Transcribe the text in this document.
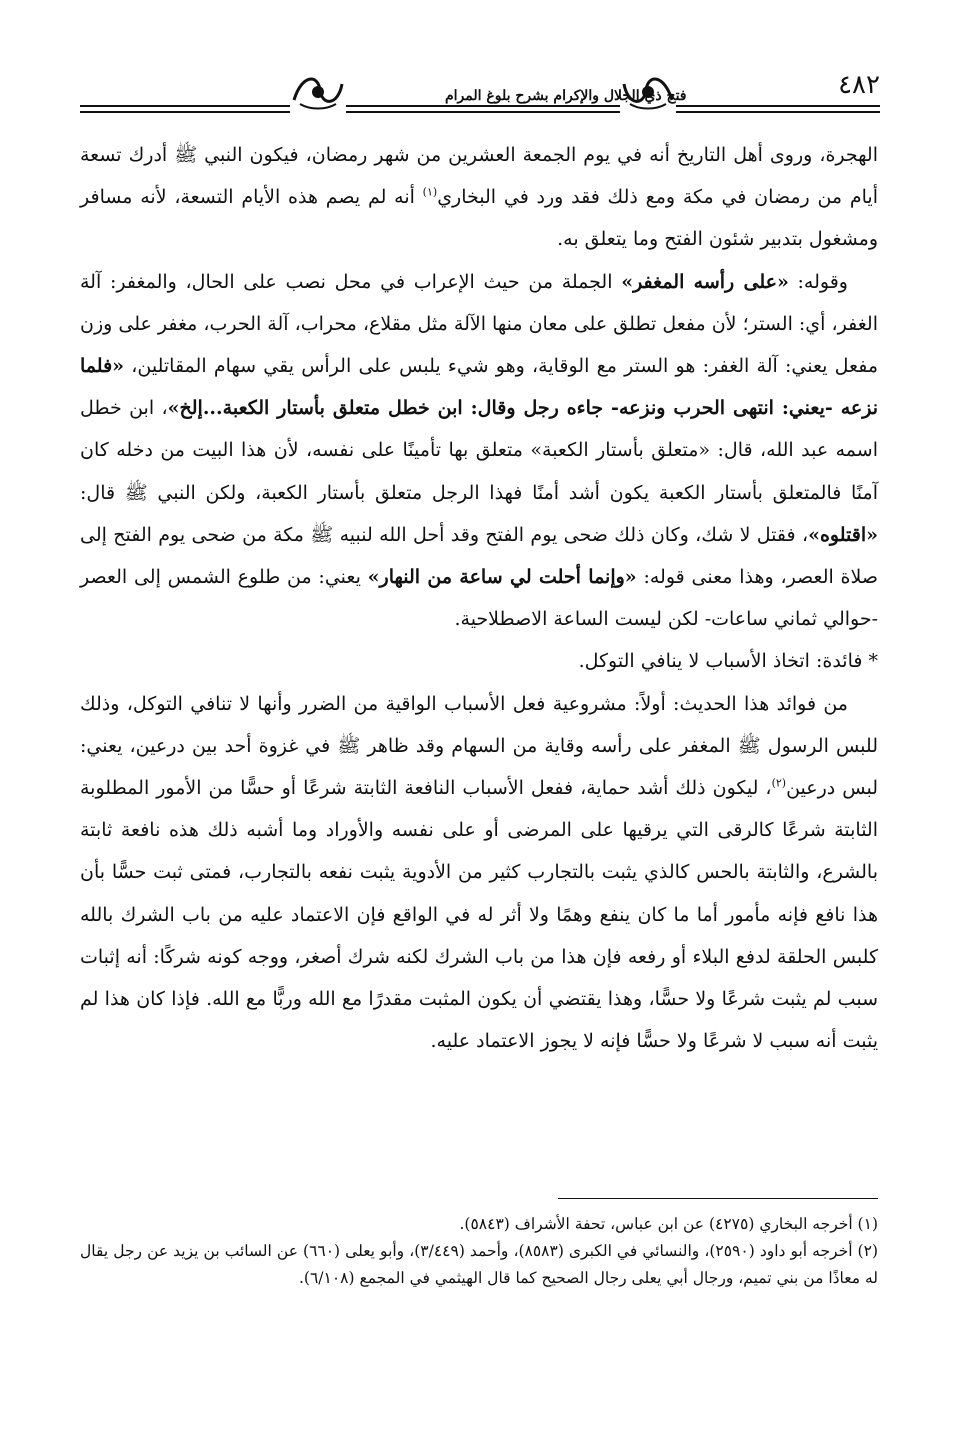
فتح ذي الجلال والإكرام بشرح بلوغ المرام	٤٨٢

الهجرة، وروى أهل التاريخ أنه في يوم الجمعة العشرين من شهر رمضان، فيكون النبي ﷺ أدرك تسعة أيام من رمضان في مكة ومع ذلك فقد ورد في البخاري$^{(١)}$ أنه لم يصم هذه الأيام التسعة، لأنه مسافر ومشغول بتدبير شئون الفتح وما يتعلق به.

وقوله: «على رأسه المغفر» الجملة من حيث الإعراب في محل نصب على الحال، والمغفر: آلة الغفر، أي: الستر؛ لأن مفعل تطلق على معان منها الآلة مثل مقلاع، محراب، آلة الحرب، مغفر على وزن مفعل يعني: آلة الغفر: هو الستر مع الوقاية، وهو شيء يلبس على الرأس يقي سهام المقاتلين، «فلما نزعه -يعني: انتهى الحرب ونزعه- جاءه رجل وقال: ابن خطل متعلق بأستار الكعبة...إلخ»، ابن خطل اسمه عبد الله، قال: «متعلق بأستار الكعبة» متعلق بها تأمينًا على نفسه، لأن هذا البيت من دخله كان آمنًا فالمتعلق بأستار الكعبة يكون أشد أمنًا فهذا الرجل متعلق بأستار الكعبة، ولكن النبي ﷺ قال: «اقتلوه»، فقتل لا شك، وكان ذلك ضحى يوم الفتح وقد أحل الله لنبيه ﷺ مكة من ضحى يوم الفتح إلى صلاة العصر، وهذا معنى قوله: «وإنما أحلت لي ساعة من النهار» يعني: من طلوع الشمس إلى العصر -حوالي ثماني ساعات- لكن ليست الساعة الاصطلاحية.

* فائدة: اتخاذ الأسباب لا ينافي التوكل.

من فوائد هذا الحديث: أولاً: مشروعية فعل الأسباب الواقية من الضرر وأنها لا تنافي التوكل، وذلك للبس الرسول ﷺ المغفر على رأسه وقاية من السهام وقد ظاهر ﷺ في غزوة أحد بين درعين، يعني: لبس درعين$^{(٢)}$، ليكون ذلك أشد حماية، ففعل الأسباب النافعة الثابتة شرعًا أو حسًّا من الأمور المطلوبة الثابتة شرعًا كالرقى التي يرقيها على المرضى أو على نفسه والأوراد وما أشبه ذلك هذه نافعة ثابتة بالشرع، والثابتة بالحس كالذي يثبت بالتجارب كثير من الأدوية يثبت نفعه بالتجارب، فمتى ثبت حسًّا بأن هذا نافع فإنه مأمور أما ما كان ينفع وهمًا ولا أثر له في الواقع فإن الاعتماد عليه من باب الشرك بالله كلبس الحلقة لدفع البلاء أو رفعه فإن هذا من باب الشرك لكنه شرك أصغر، ووجه كونه شركًا: أنه إثبات سبب لم يثبت شرعًا ولا حسًّا، وهذا يقتضي أن يكون المثبت مقدرًا مع الله وربًّا مع الله. فإذا كان هذا لم يثبت أنه سبب لا شرعًا ولا حسًّا فإنه لا يجوز الاعتماد عليه.

(١) أخرجه البخاري (٤٢٧٥) عن ابن عباس، تحفة الأشراف (٥٨٤٣).

(٢) أخرجه أبو داود (٢٥٩٠)، والنسائي في الكبرى (٨٥٨٣)، وأحمد (٣/٤٤٩)، وأبو يعلى (٦٦٠) عن السائب بن يزيد عن رجل يقال له معاذًا من بني تميم، ورجال أبي يعلى رجال الصحيح كما قال الهيثمي في المجمع (٦/١٠٨).
